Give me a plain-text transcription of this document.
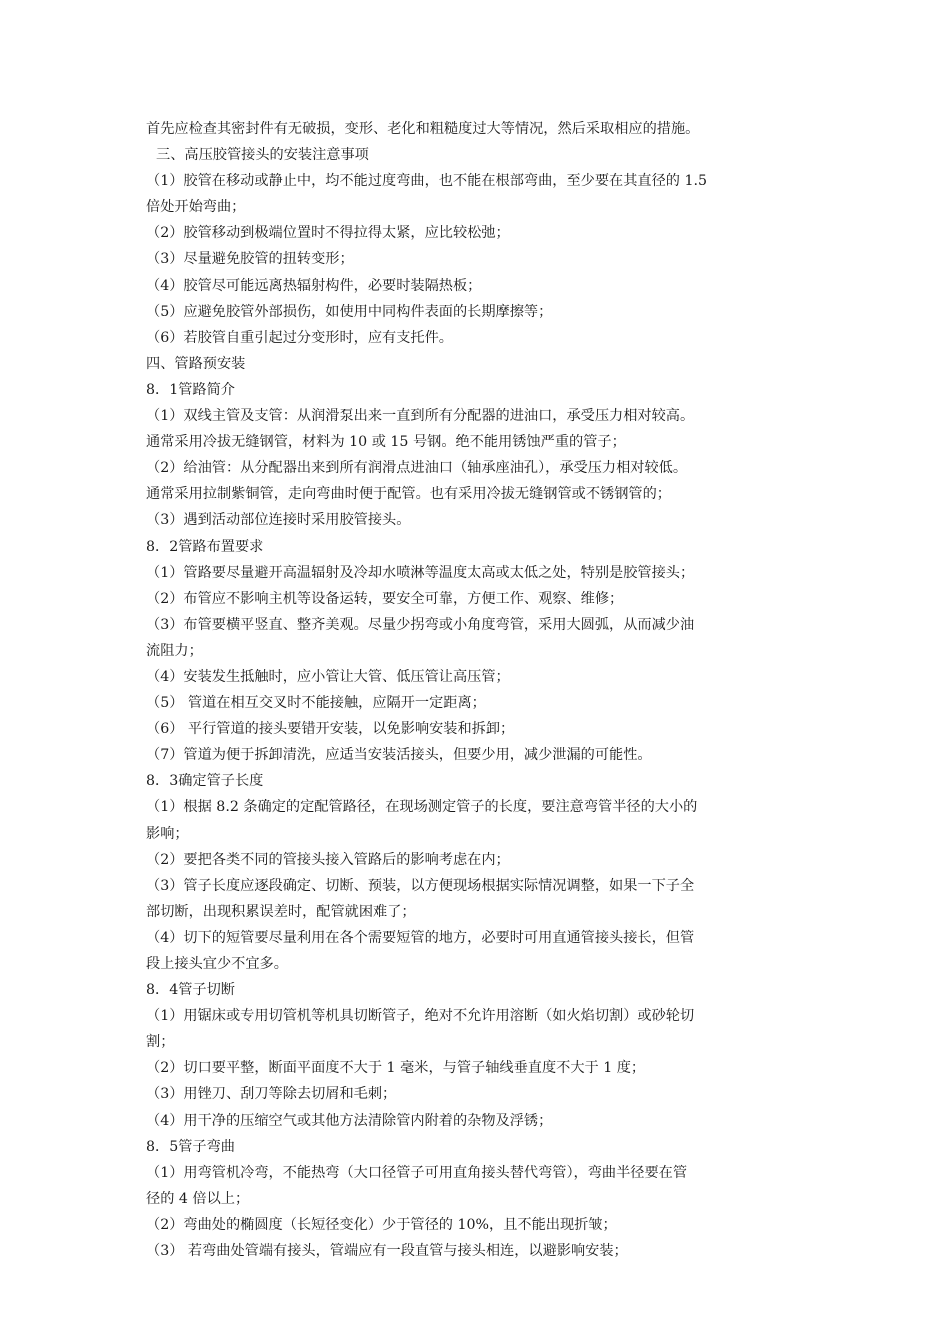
首先应检查其密封件有无破损，变形、老化和粗糙度过大等情况，然后采取相应的措施。
三、高压胶管接头的安装注意事项
（1）胶管在移动或静止中，均不能过度弯曲，也不能在根部弯曲，至少要在其直径的 1.5
倍处开始弯曲；
（2）胶管移动到极端位置时不得拉得太紧，应比较松弛；
（3）尽量避免胶管的扭转变形；
（4）胶管尽可能远离热辐射构件，必要时装隔热板；
（5）应避免胶管外部损伤，如使用中同构件表面的长期摩擦等；
（6）若胶管自重引起过分变形时，应有支托件。
四、管路预安装
8．1管路简介
（1）双线主管及支管：从润滑泵出来一直到所有分配器的进油口，承受压力相对较高。
通常采用冷拔无缝钢管，材料为 10 或 15 号钢。绝不能用锈蚀严重的管子；
（2）给油管：从分配器出来到所有润滑点进油口（轴承座油孔），承受压力相对较低。
通常采用拉制紫铜管，走向弯曲时便于配管。也有采用冷拔无缝钢管或不锈钢管的；
（3）遇到活动部位连接时采用胶管接头。
8．2管路布置要求
（1）管路要尽量避开高温辐射及冷却水喷淋等温度太高或太低之处，特别是胶管接头；
（2）布管应不影响主机等设备运转，要安全可靠，方便工作、观察、维修；
（3）布管要横平竖直、整齐美观。尽量少拐弯或小角度弯管，采用大圆弧，从而减少油
流阻力；
（4）安装发生抵触时，应小管让大管、低压管让高压管；
（5） 管道在相互交叉时不能接触，应隔开一定距离；
（6） 平行管道的接头要错开安装，以免影响安装和拆卸；
（7）管道为便于拆卸清洗，应适当安装活接头，但要少用，减少泄漏的可能性。
8．3确定管子长度
（1）根据 8.2 条确定的定配管路径，在现场测定管子的长度，要注意弯管半径的大小的
影响；
（2）要把各类不同的管接头接入管路后的影响考虑在内；
（3）管子长度应逐段确定、切断、预装，以方便现场根据实际情况调整，如果一下子全
部切断，出现积累误差时，配管就困难了；
（4）切下的短管要尽量利用在各个需要短管的地方，必要时可用直通管接头接长，但管
段上接头宜少不宜多。
8．4管子切断
（1）用锯床或专用切管机等机具切断管子，绝对不允许用溶断（如火焰切割）或砂轮切
割；
（2）切口要平整，断面平面度不大于 1 毫米，与管子轴线垂直度不大于 1 度；
（3）用锉刀、刮刀等除去切屑和毛刺；
（4）用干净的压缩空气或其他方法清除管内附着的杂物及浮锈；
8．5管子弯曲
（1）用弯管机冷弯，不能热弯（大口径管子可用直角接头替代弯管），弯曲半径要在管
径的 4 倍以上；
（2）弯曲处的椭圆度（长短径变化）少于管径的 10%，且不能出现折皱；
（3） 若弯曲处管端有接头，管端应有一段直管与接头相连，以避影响安装；
